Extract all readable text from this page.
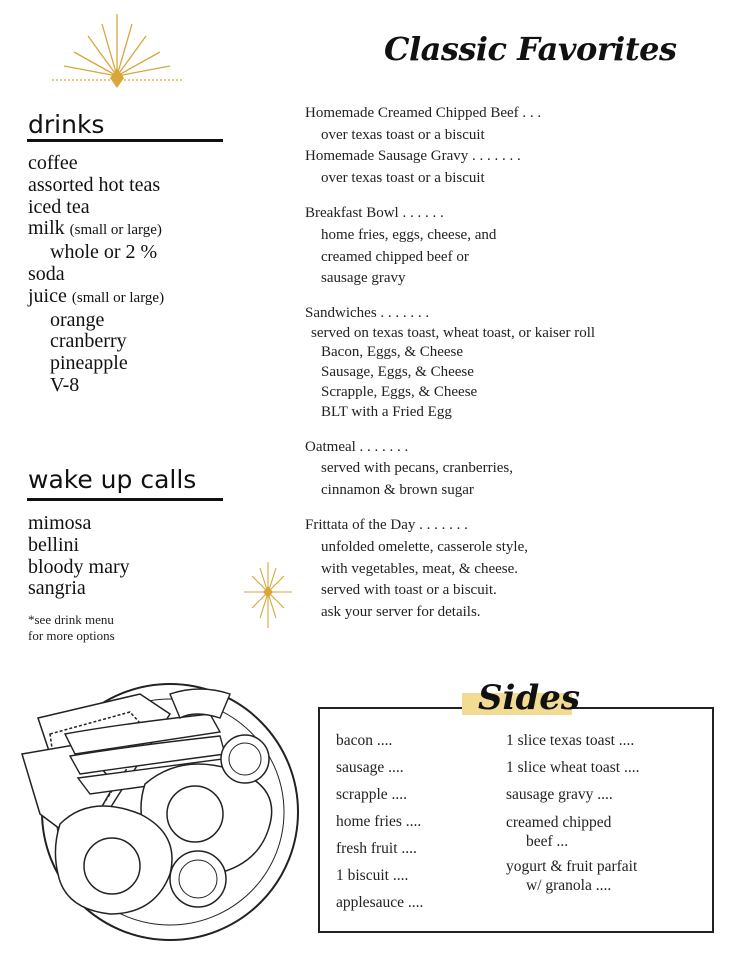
drinks
coffee
assorted hot teas
iced tea
milk (small or large)
whole or 2 %
soda
juice (small or large)
orange
cranberry
pineapple
V-8
wake up calls
mimosa
bellini
bloody mary
sangria
*see drink menu
for more options
Classic Favorites
Homemade Creamed Chipped Beef . . .
over texas toast or a biscuit
Homemade Sausage Gravy . . . . . . .
over texas toast or a biscuit
Breakfast Bowl . . . . . .
home fries, eggs, cheese, and
creamed chipped beef or
sausage gravy
Sandwiches . . . . . . .
served on texas toast, wheat toast, or kaiser roll
Bacon, Eggs, & Cheese
Sausage, Eggs, & Cheese
Scrapple, Eggs, & Cheese
BLT with a Fried Egg
Oatmeal . . . . . . .
served with pecans, cranberries,
cinnamon & brown sugar
Frittata of the Day . . . . . . .
unfolded omelette, casserole style,
with vegetables, meat, & cheese.
served with toast or a biscuit.
ask your server for details.
Sides
bacon ....
sausage ....
scrapple ....
home fries ....
fresh fruit ....
1 biscuit ....
applesauce ....
1 slice texas toast ....
1 slice wheat toast ....
sausage gravy ....
creamed chipped
beef ...
yogurt & fruit parfait
w/ granola ....
